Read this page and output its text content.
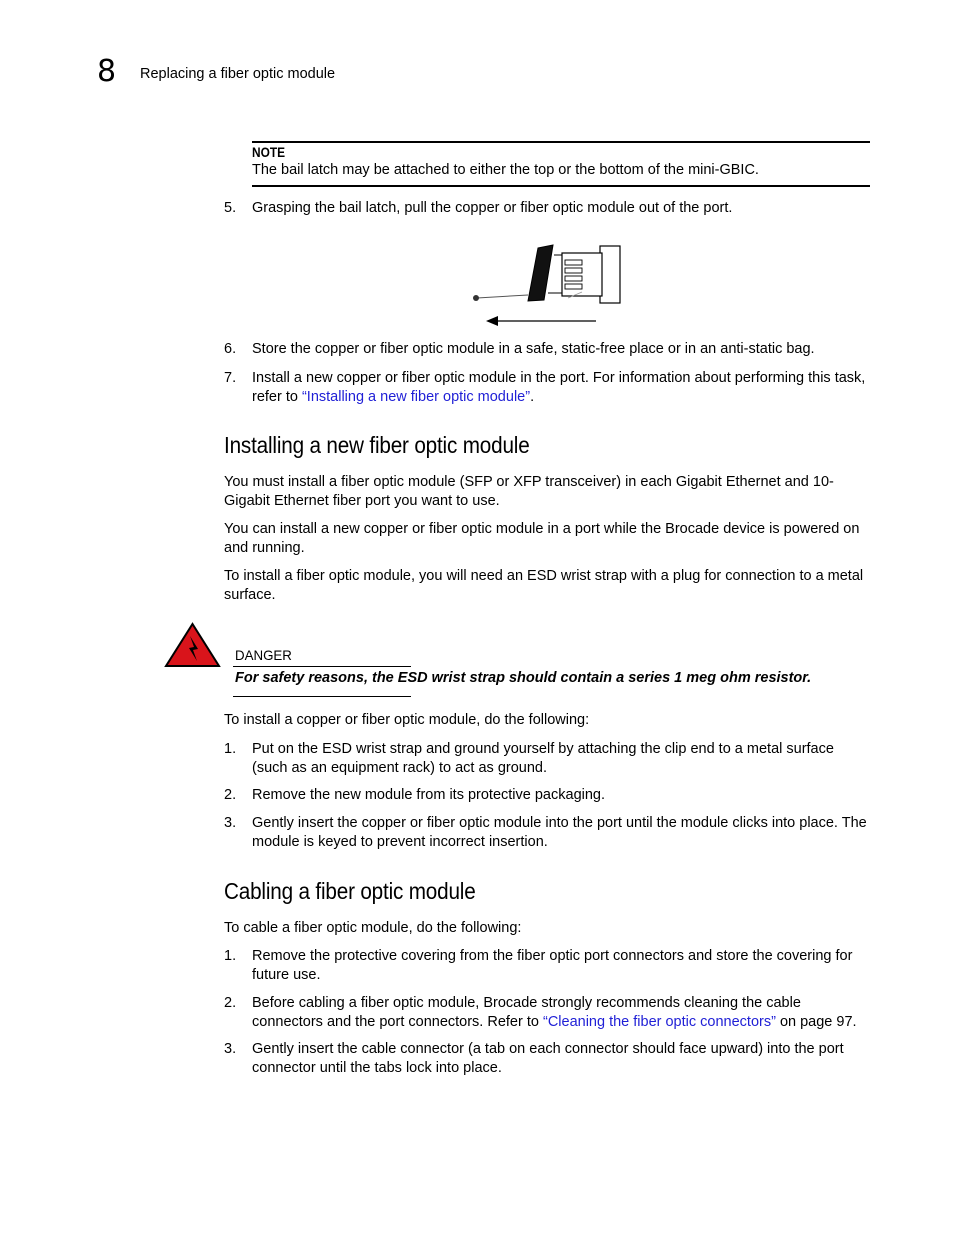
8 Replacing a fiber optic module
NOTE
The bail latch may be attached to either the top or the bottom of the mini-GBIC.
5. Grasping the bail latch, pull the copper or fiber optic module out of the port.
6. Store the copper or fiber optic module in a safe, static-free place or in an anti-static bag.
7. Install a new copper or fiber optic module in the port. For information about performing this task, refer to “Installing a new fiber optic module”.
Installing a new fiber optic module
You must install a fiber optic module (SFP or XFP transceiver) in each Gigabit Ethernet and 10-Gigabit Ethernet fiber port you want to use.
You can install a new copper or fiber optic module in a port while the Brocade device is powered on and running.
To install a fiber optic module, you will need an ESD wrist strap with a plug for connection to a metal surface.
DANGER
For safety reasons, the ESD wrist strap should contain a series 1 meg ohm resistor.
To install a copper or fiber optic module, do the following:
1. Put on the ESD wrist strap and ground yourself by attaching the clip end to a metal surface (such as an equipment rack) to act as ground.
2. Remove the new module from its protective packaging.
3. Gently insert the copper or fiber optic module into the port until the module clicks into place. The module is keyed to prevent incorrect insertion.
Cabling a fiber optic module
To cable a fiber optic module, do the following:
1. Remove the protective covering from the fiber optic port connectors and store the covering for future use.
2. Before cabling a fiber optic module, Brocade strongly recommends cleaning the cable connectors and the port connectors. Refer to “Cleaning the fiber optic connectors” on page 97.
3. Gently insert the cable connector (a tab on each connector should face upward) into the port connector until the tabs lock into place.
